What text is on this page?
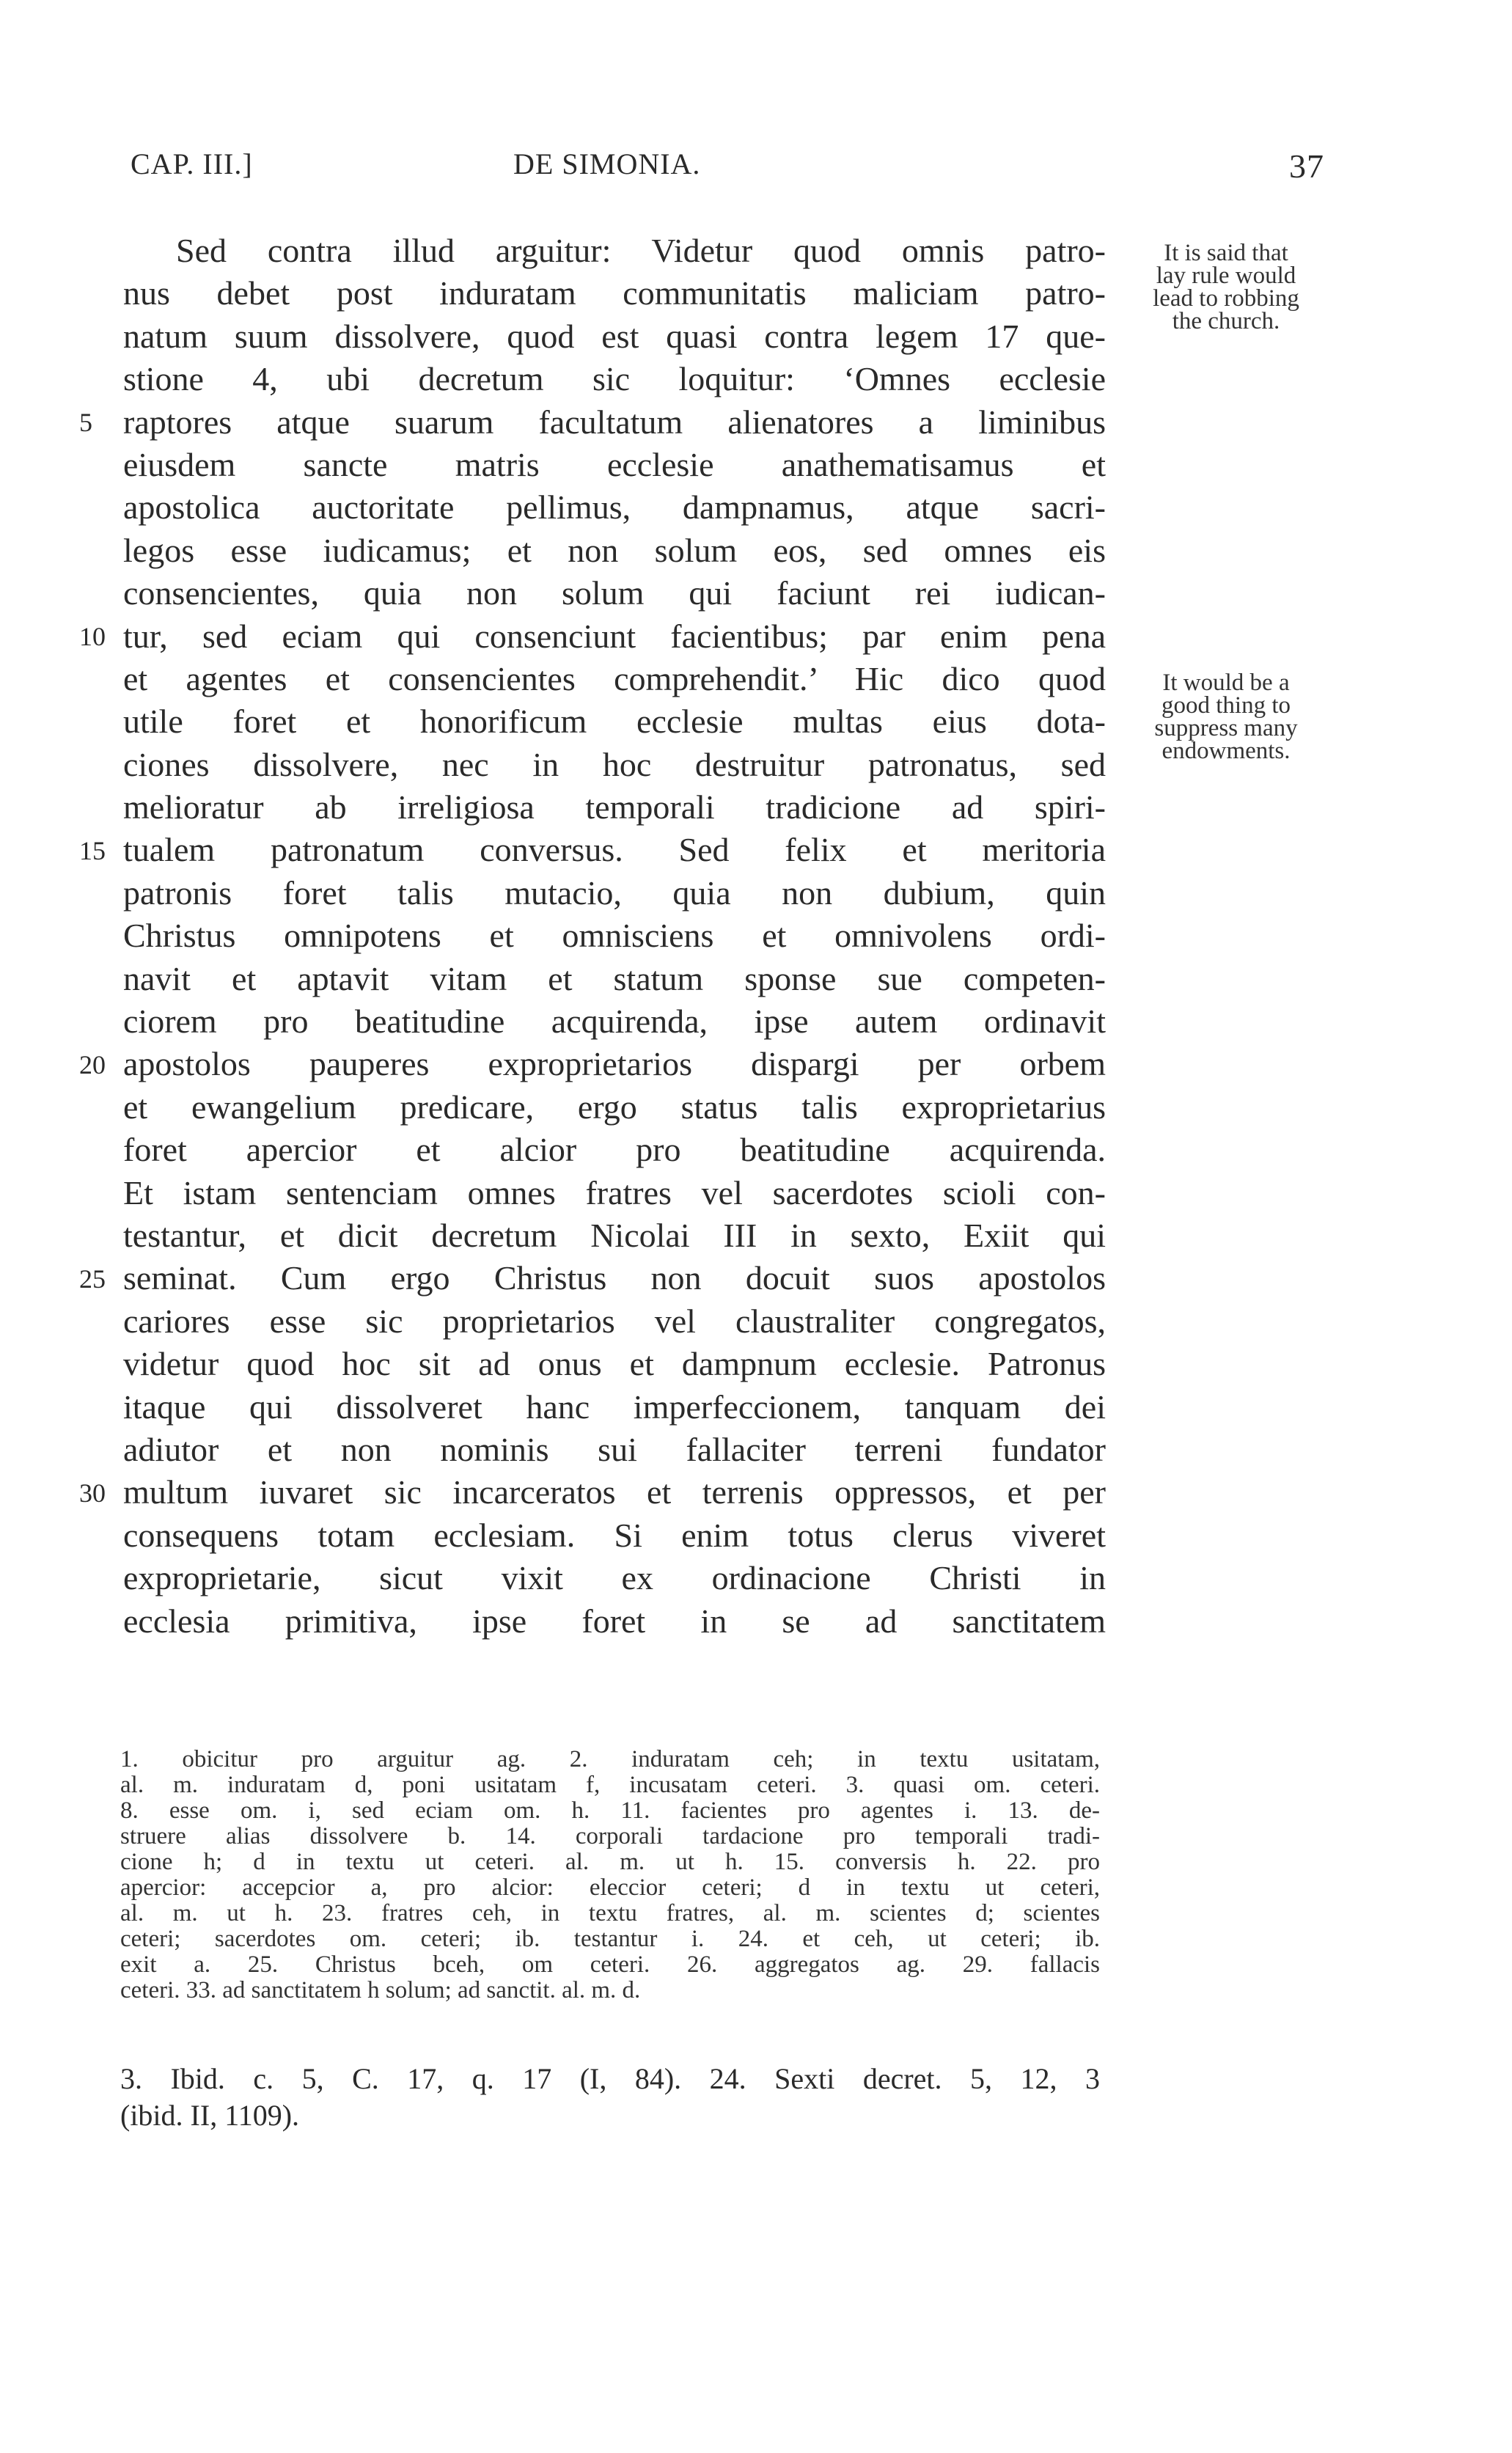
CAP. III.]	DE SIMONIA.	37
Sed contra illud arguitur: Videtur quod omnis patro-
nus debet post induratam communitatis maliciam patro-
natum suum dissolvere, quod est quasi contra legem 17 que-
stione 4, ubi decretum sic loquitur: ‘Omnes ecclesie
raptores atque suarum facultatum alienatores a liminibus
eiusdem sancte matris ecclesie anathematisamus et
apostolica auctoritate pellimus, dampnamus, atque sacri-
legos esse iudicamus; et non solum eos, sed omnes eis
consencientes, quia non solum qui faciunt rei iudican-
tur, sed eciam qui consenciunt facientibus; par enim pena
et agentes et consencientes comprehendit.’ Hic dico quod
utile foret et honorificum ecclesie multas eius dota-
ciones dissolvere, nec in hoc destruitur patronatus, sed
melioratur ab irreligiosa temporali tradicione ad spiri-
tualem patronatum conversus. Sed felix et meritoria
patronis foret talis mutacio, quia non dubium, quin
Christus omnipotens et omnisciens et omnivolens ordi-
navit et aptavit vitam et statum sponse sue competen-
ciorem pro beatitudine acquirenda, ipse autem ordinavit
apostolos pauperes exproprietarios dispargi per orbem
et ewangelium predicare, ergo status talis exproprietarius
foret apercior et alcior pro beatitudine acquirenda.
Et istam sentenciam omnes fratres vel sacerdotes scioli con-
testantur, et dicit decretum Nicolai III in sexto, Exiit qui
seminat. Cum ergo Christus non docuit suos apostolos
cariores esse sic proprietarios vel claustraliter congregatos,
videtur quod hoc sit ad onus et dampnum ecclesie. Patronus
itaque qui dissolveret hanc imperfeccionem, tanquam dei
adiutor et non nominis sui fallaciter terreni fundator
multum iuvaret sic incarceratos et terrenis oppressos, et per
consequens totam ecclesiam. Si enim totus clerus viveret
exproprietarie, sicut vixit ex ordinacione Christi in
ecclesia primitiva, ipse foret in se ad sanctitatem
5
10
15
20
25
30
It is said that
lay rule would
lead to robbing
the church.
It would be a
good thing to
suppress many
endowments.
1. obicitur pro arguitur ag. 2. induratam ceh; in textu usitatam,
al. m. induratam d, poni usitatam f, incusatam ceteri. 3. quasi om. ceteri.
8. esse om. i, sed eciam om. h. 11. facientes pro agentes i. 13. de-
struere alias dissolvere b. 14. corporali tardacione pro temporali tradi-
cione h; d in textu ut ceteri. al. m. ut h. 15. conversis h. 22. pro
apercior: accepcior a, pro alcior: eleccior ceteri; d in textu ut ceteri,
al. m. ut h. 23. fratres ceh, in textu fratres, al. m. scientes d; scientes
ceteri; sacerdotes om. ceteri; ib. testantur i. 24. et ceh, ut ceteri; ib.
exit a. 25. Christus bceh, om ceteri. 26. aggregatos ag. 29. fallacis
ceteri. 33. ad sanctitatem h solum; ad sanctit. al. m. d.
3. Ibid. c. 5, C. 17, q. 17 (I, 84). 24. Sexti decret. 5, 12, 3
(ibid. II, 1109).
